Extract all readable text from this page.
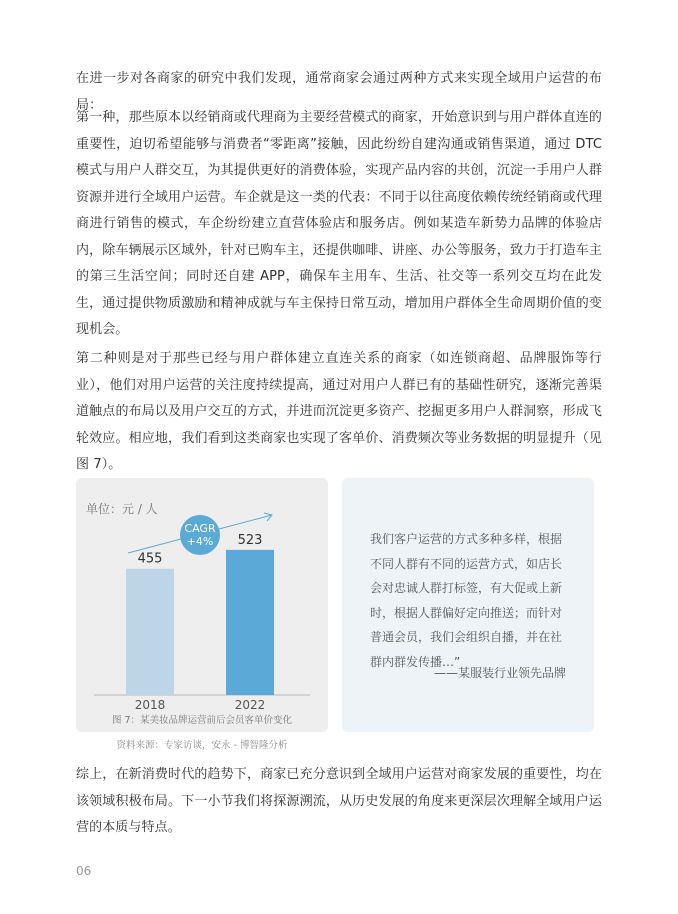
在进一步对各商家的研究中我们发现，通常商家会通过两种方式来实现全域用户运营的布局：

第一种，那些原本以经销商或代理商为主要经营模式的商家，开始意识到与用户群体直连的重要性，迫切希望能够与消费者“零距离”接触，因此纷纷自建沟通或销售渠道，通过 DTC 模式与用户人群交互，为其提供更好的消费体验，实现产品内容的共创，沉淀一手用户人群资源并进行全域用户运营。车企就是这一类的代表：不同于以往高度依赖传统经销商或代理商进行销售的模式，车企纷纷建立直营体验店和服务店。例如某造车新势力品牌的体验店内，除车辆展示区域外，针对已购车主，还提供咖啡、讲座、办公等服务，致力于打造车主的第三生活空间；同时还自建 APP，确保车主用车、生活、社交等一系列交互均在此发生，通过提供物质激励和精神成就与车主保持日常互动，增加用户群体全生命周期价值的变现机会。

第二种则是对于那些已经与用户群体建立直连关系的商家（如连锁商超、品牌服饰等行业），他们对用户运营的关注度持续提高，通过对用户人群已有的基础性研究，逐渐完善渠道触点的布局以及用户交互的方式，并进而沉淀更多资产、挖掘更多用户人群洞察，形成飞轮效应。相应地，我们看到这类商家也实现了客单价、消费频次等业务数据的明显提升（见图 7）。

单位：元 / 人
455
2018
523
2022
CAGR
+4%
图 7：某美妆品牌运营前后会员客单价变化
资料来源：专家访谈，安永 - 博智隆分析

我们客户运营的方式多种多样，根据不同人群有不同的运营方式，如店长会对忠诚人群打标签，有大促或上新时，根据人群偏好定向推送；而针对普通会员，我们会组织自播，并在社群内群发传播…”

——某服装行业领先品牌

综上，在新消费时代的趋势下，商家已充分意识到全域用户运营对商家发展的重要性，均在该领域积极布局。下一小节我们将探源溯流，从历史发展的角度来更深层次理解全域用户运营的本质与特点。

06
